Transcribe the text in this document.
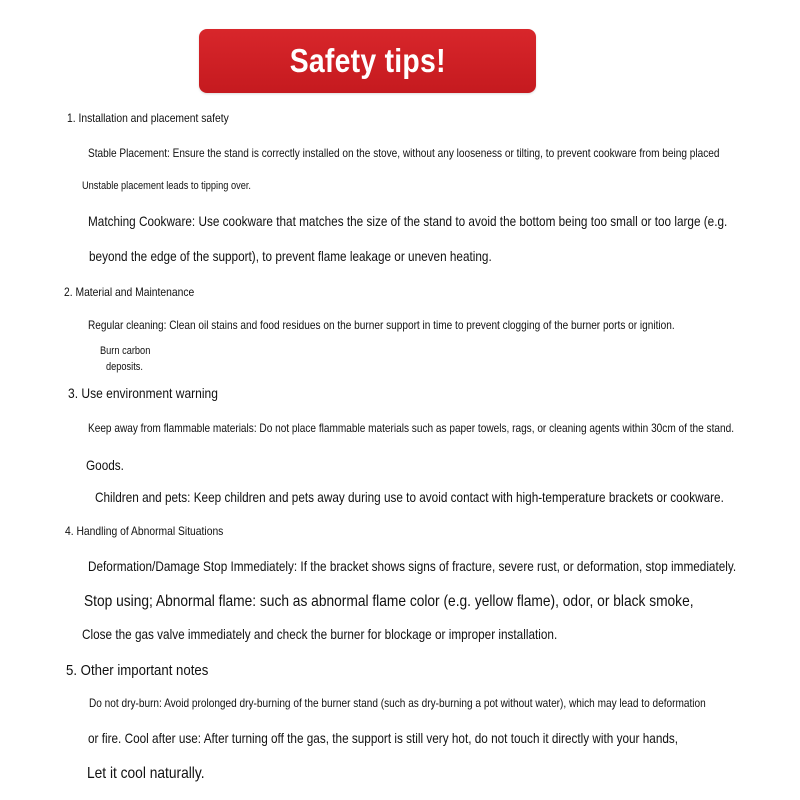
Safety tips!
1. Installation and placement safety
Stable Placement: Ensure the stand is correctly installed on the stove, without any looseness or tilting, to prevent cookware from being placed
Unstable placement leads to tipping over.
Matching Cookware: Use cookware that matches the size of the stand to avoid the bottom being too small or too large (e.g.
beyond the edge of the support), to prevent flame leakage or uneven heating.
2. Material and Maintenance
Regular cleaning: Clean oil stains and food residues on the burner support in time to prevent clogging of the burner ports or ignition.
Burn carbon
deposits.
3. Use environment warning
Keep away from flammable materials: Do not place flammable materials such as paper towels, rags, or cleaning agents within 30cm of the stand.
Goods.
Children and pets: Keep children and pets away during use to avoid contact with high-temperature brackets or cookware.
4. Handling of Abnormal Situations
Deformation/Damage Stop Immediately: If the bracket shows signs of fracture, severe rust, or deformation, stop immediately.
Stop using; Abnormal flame: such as abnormal flame color (e.g. yellow flame), odor, or black smoke,
Close the gas valve immediately and check the burner for blockage or improper installation.
5. Other important notes
Do not dry-burn: Avoid prolonged dry-burning of the burner stand (such as dry-burning a pot without water), which may lead to deformation
or fire. Cool after use: After turning off the gas, the support is still very hot, do not touch it directly with your hands,
Let it cool naturally.
